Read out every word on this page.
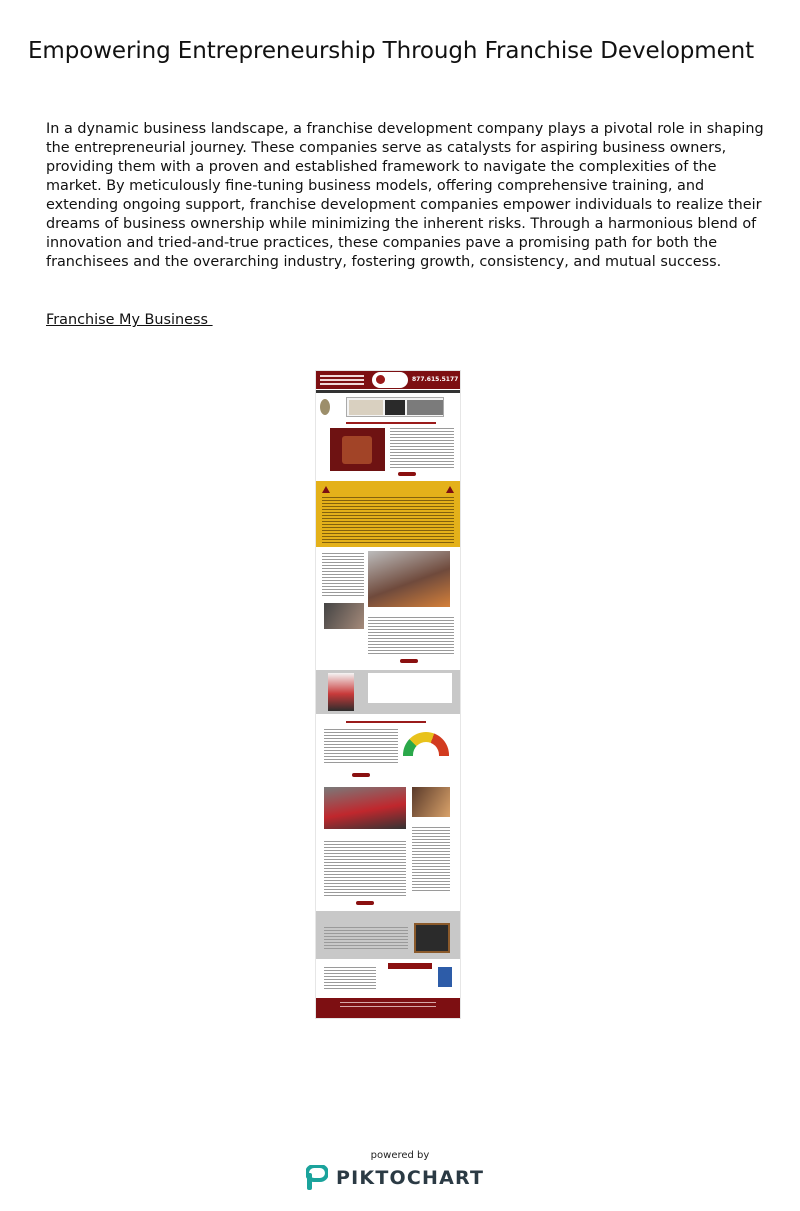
Empowering Entrepreneurship Through Franchise Development

In a dynamic business landscape, a franchise development company plays a pivotal role in shaping the entrepreneurial journey. These companies serve as catalysts for aspiring business owners, providing them with a proven and established framework to navigate the complexities of the market. By meticulously fine-tuning business models, offering comprehensive training, and extending ongoing support, franchise development companies empower individuals to realize their dreams of business ownership while minimizing the inherent risks. Through a harmonious blend of innovation and tried-and-true practices, these companies pave a promising path for both the franchisees and the overarching industry, fostering growth, consistency, and mutual success.

Franchise My Business
877.615.5177
powered by
PIKTOCHART
